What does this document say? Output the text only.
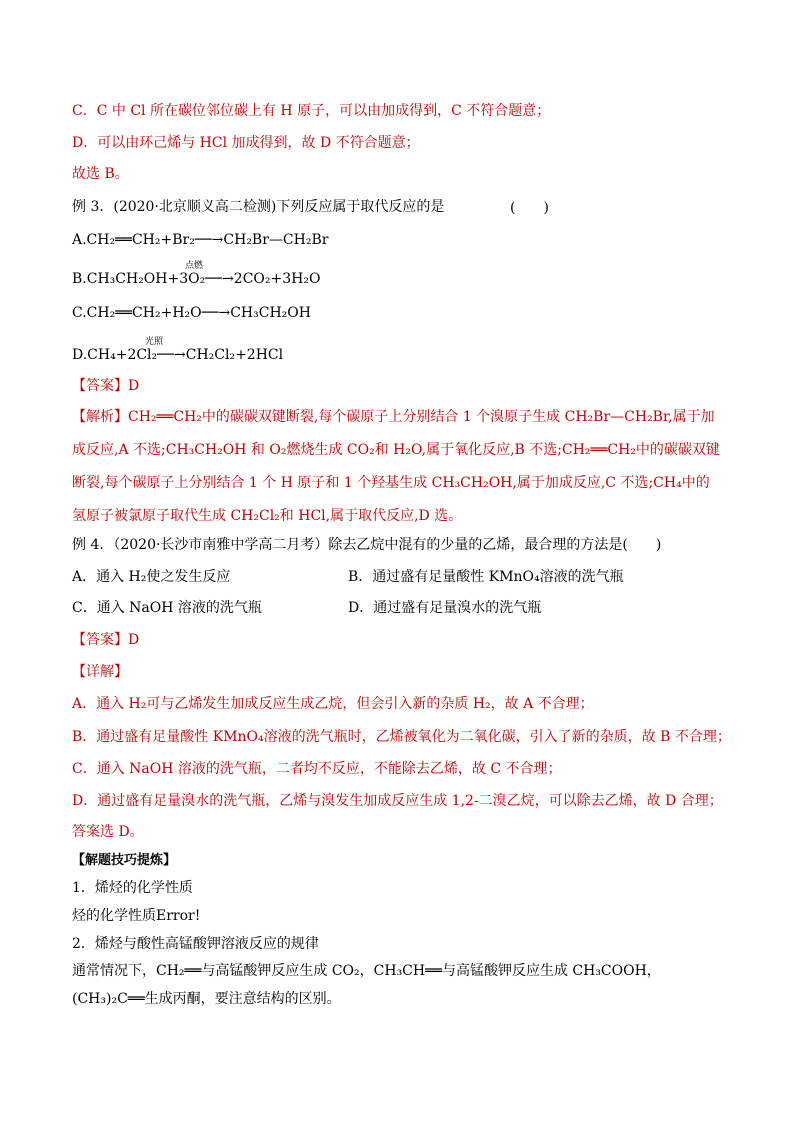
C．C 中 Cl 所在碳位邻位碳上有 H 原子，可以由加成得到，C 不符合题意；
D．可以由环己烯与 HCl 加成得到，故 D 不符合题意；
故选 B。
例 3．(2020·北京顺义高二检测)下列反应属于取代反应的是	(　　)
A.CH₂══CH₂+Br₂──→CH₂Br—CH₂Br
点燃
B.CH₃CH₂OH+3O₂──→2CO₂+3H₂O
C.CH₂══CH₂+H₂O──→CH₃CH₂OH
光照
D.CH₄+2Cl₂──→CH₂Cl₂+2HCl
【答案】D
【解析】CH₂══CH₂中的碳碳双键断裂,每个碳原子上分别结合 1 个溴原子生成 CH₂Br—CH₂Br,属于加成反应,A 不选;CH₃CH₂OH 和 O₂燃烧生成 CO₂和 H₂O,属于氧化反应,B 不选;CH₂══CH₂中的碳碳双键断裂,每个碳原子上分别结合 1 个 H 原子和 1 个羟基生成 CH₃CH₂OH,属于加成反应,C 不选;CH₄中的氢原子被氯原子取代生成 CH₂Cl₂和 HCl,属于取代反应,D 选。
例 4．（2020·长沙市南雅中学高二月考）除去乙烷中混有的少量的乙烯，最合理的方法是(　　)
A．通入 H₂使之发生反应	B．通过盛有足量酸性 KMnO₄溶液的洗气瓶
C．通入 NaOH 溶液的洗气瓶	D．通过盛有足量溴水的洗气瓶
【答案】D
【详解】
A．通入 H₂可与乙烯发生加成反应生成乙烷，但会引入新的杂质 H₂，故 A 不合理；
B．通过盛有足量酸性 KMnO₄溶液的洗气瓶时，乙烯被氧化为二氧化碳，引入了新的杂质，故 B 不合理；
C．通入 NaOH 溶液的洗气瓶，二者均不反应，不能除去乙烯，故 C 不合理；
D．通过盛有足量溴水的洗气瓶，乙烯与溴发生加成反应生成 1,2-二溴乙烷，可以除去乙烯，故 D 合理；
答案选 D。
【解题技巧提炼】
1．烯烃的化学性质
烃的化学性质Error!
2．烯烃与酸性高锰酸钾溶液反应的规律
通常情况下，CH₂══与高锰酸钾反应生成 CO₂，CH₃CH══与高锰酸钾反应生成 CH₃COOH，(CH₃)₂C══生成丙酮，要注意结构的区别。
